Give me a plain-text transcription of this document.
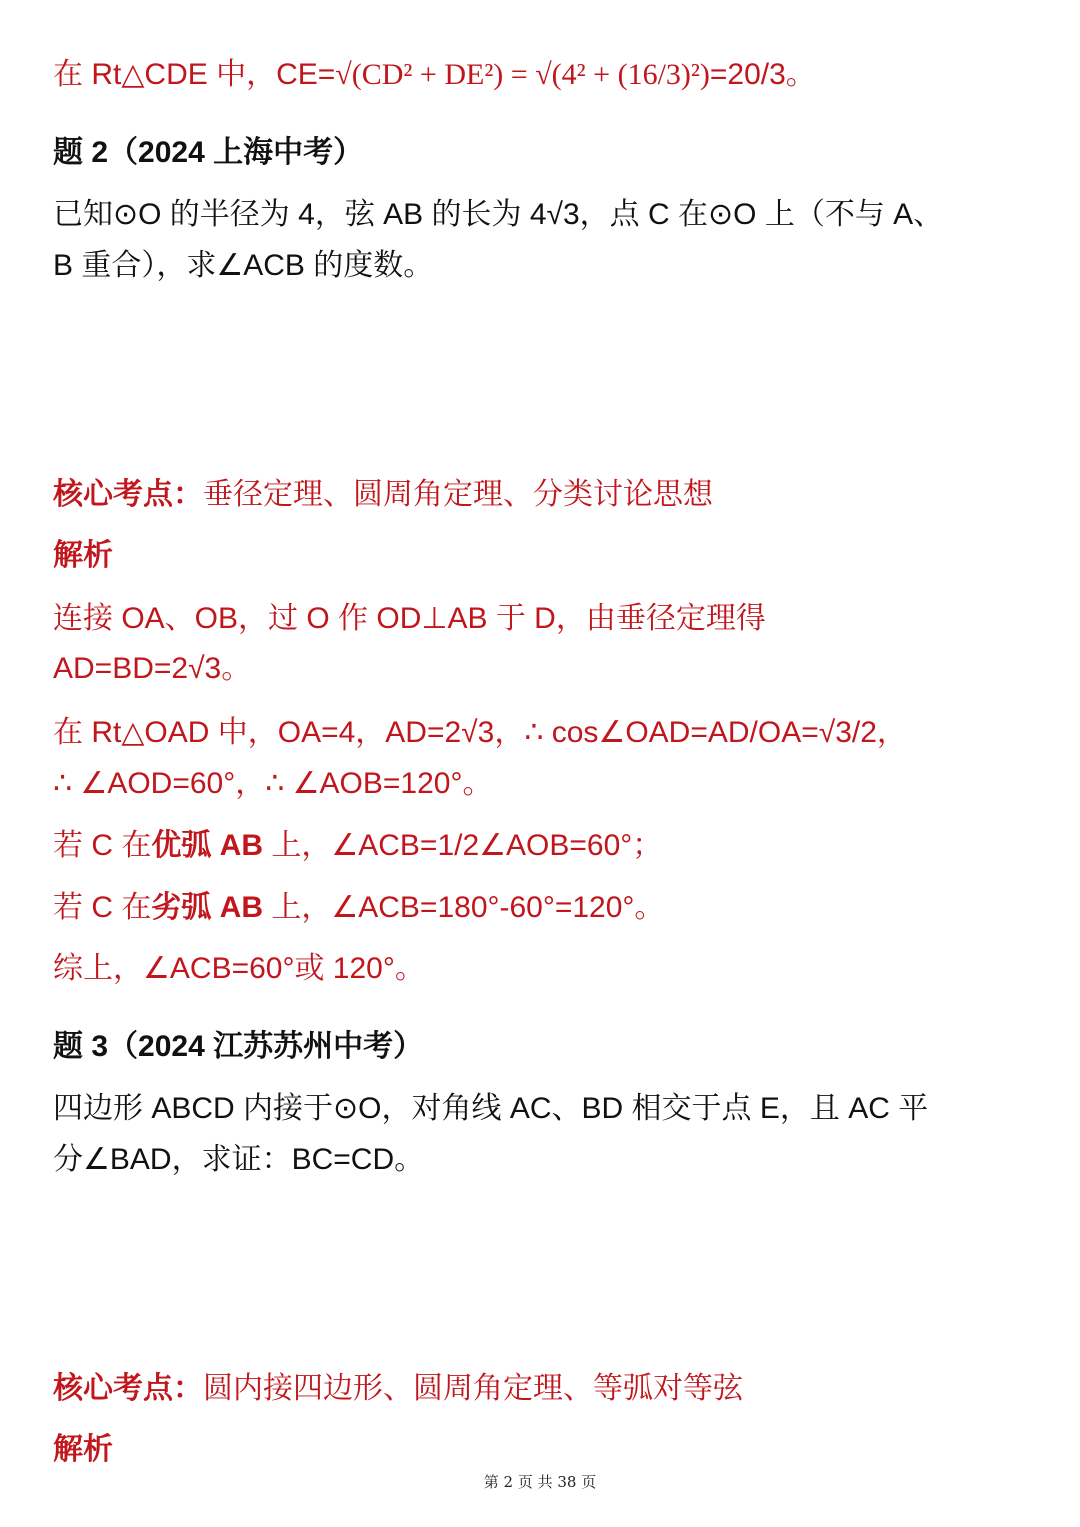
在 Rt△CDE 中，CE=√(CD² + DE²) = √(4² + (16/3)²)=20/3。
题 2（2024 上海中考）
已知⊙O 的半径为 4，弦 AB 的长为 4√3，点 C 在⊙O 上（不与 A、
B 重合），求∠ACB 的度数。
核心考点：垂径定理、圆周角定理、分类讨论思想
解析
连接 OA、OB，过 O 作 OD⊥AB 于 D，由垂径定理得
AD=BD=2√3。
在 Rt△OAD 中，OA=4，AD=2√3，∴ cos∠OAD=AD/OA=√3/2，
∴ ∠AOD=60°，∴ ∠AOB=120°。
若 C 在优弧 AB 上，∠ACB=1/2∠AOB=60°；
若 C 在劣弧 AB 上，∠ACB=180°-60°=120°。
综上，∠ACB=60°或 120°。
题 3（2024 江苏苏州中考）
四边形 ABCD 内接于⊙O，对角线 AC、BD 相交于点 E，且 AC 平
分∠BAD，求证：BC=CD。
核心考点：圆内接四边形、圆周角定理、等弧对等弦
解析
第 2 页 共 38 页
